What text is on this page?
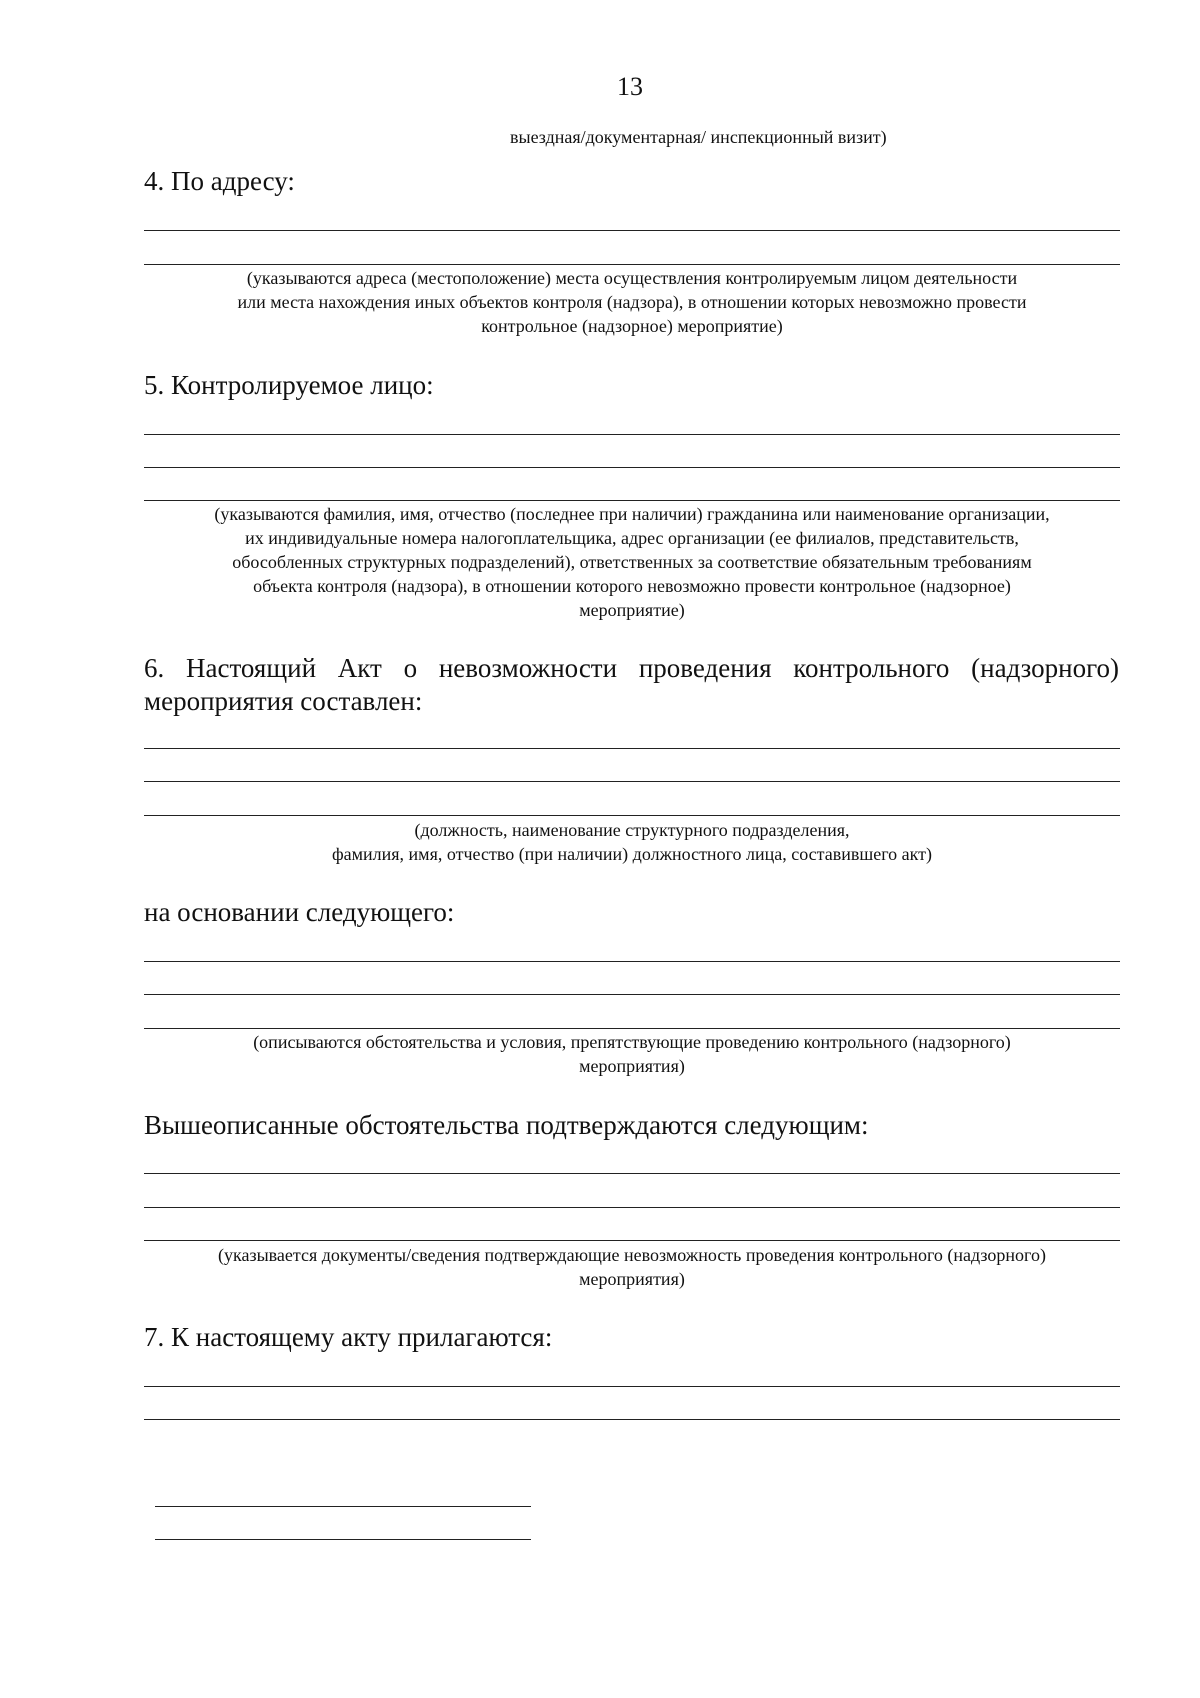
13
выездная/документарная/ инспекционный визит)
4. По адресу:
(указываются адреса (местоположение) места осуществления контролируемым лицом деятельности
или места нахождения иных объектов контроля (надзора), в отношении которых невозможно провести
контрольное (надзорное) мероприятие)
5. Контролируемое лицо:
(указываются фамилия, имя, отчество (последнее при наличии) гражданина или наименование организации,
их индивидуальные номера налогоплательщика, адрес организации (ее филиалов, представительств,
обособленных структурных подразделений), ответственных за соответствие обязательным требованиям
объекта контроля (надзора), в отношении которого невозможно провести контрольное (надзорное)
мероприятие)
6. Настоящий Акт о невозможности проведения контрольного (надзорного) мероприятия составлен:
(должность, наименование структурного подразделения,
фамилия, имя, отчество (при наличии) должностного лица, составившего акт)
на основании следующего:
(описываются обстоятельства и условия, препятствующие проведению контрольного (надзорного)
мероприятия)
Вышеописанные обстоятельства подтверждаются следующим:
(указывается документы/сведения подтверждающие невозможность проведения контрольного (надзорного)
мероприятия)
7. К настоящему акту прилагаются:
